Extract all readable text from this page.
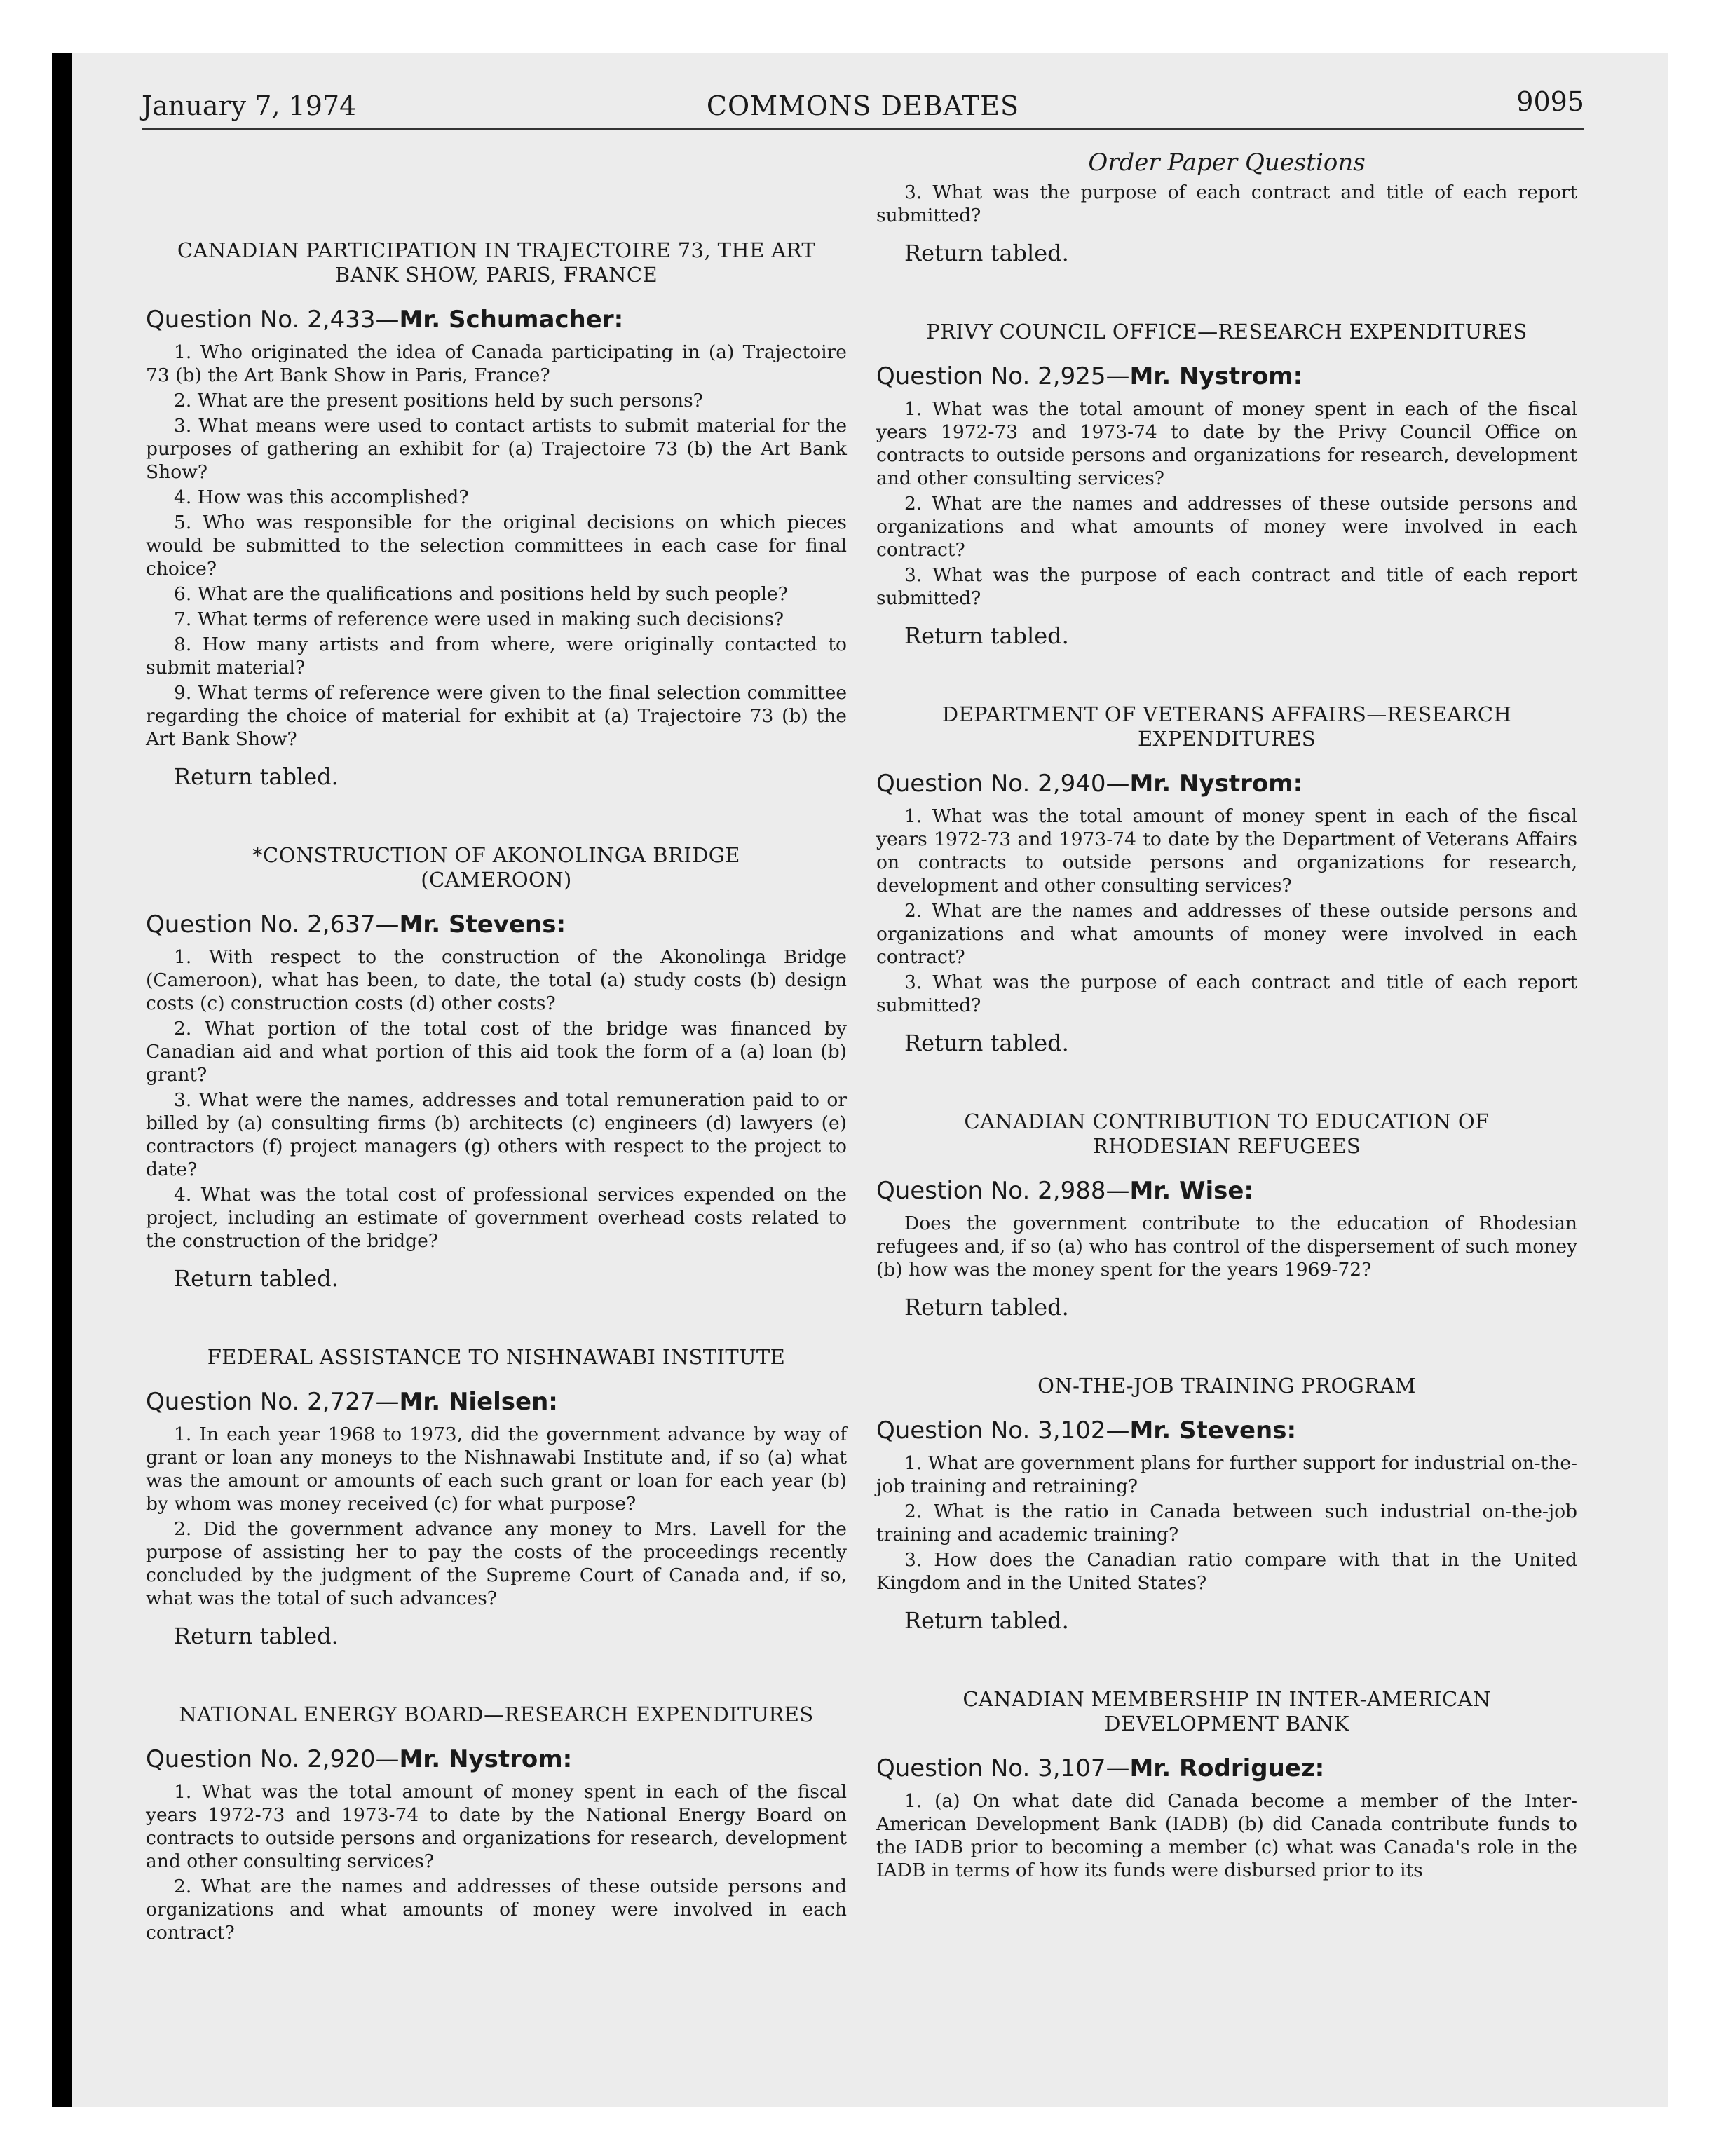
January 7, 1974	COMMONS DEBATES	9095
CANADIAN PARTICIPATION IN TRAJECTOIRE 73, THE ART BANK SHOW, PARIS, FRANCE
Question No. 2,433—Mr. Schumacher:

1. Who originated the idea of Canada participating in (a) Trajectoire 73 (b) the Art Bank Show in Paris, France?

2. What are the present positions held by such persons?

3. What means were used to contact artists to submit material for the purposes of gathering an exhibit for (a) Trajectoire 73 (b) the Art Bank Show?

4. How was this accomplished?

5. Who was responsible for the original decisions on which pieces would be submitted to the selection committees in each case for final choice?

6. What are the qualifications and positions held by such people?

7. What terms of reference were used in making such decisions?

8. How many artists and from where, were originally contacted to submit material?

9. What terms of reference were given to the final selection committee regarding the choice of material for exhibit at (a) Trajectoire 73 (b) the Art Bank Show?

Return tabled.
*CONSTRUCTION OF AKONOLINGA BRIDGE (CAMEROON)
Question No. 2,637—Mr. Stevens:

1. With respect to the construction of the Akonolinga Bridge (Cameroon), what has been, to date, the total (a) study costs (b) design costs (c) construction costs (d) other costs?

2. What portion of the total cost of the bridge was financed by Canadian aid and what portion of this aid took the form of a (a) loan (b) grant?

3. What were the names, addresses and total remuneration paid to or billed by (a) consulting firms (b) architects (c) engineers (d) lawyers (e) contractors (f) project managers (g) others with respect to the project to date?

4. What was the total cost of professional services expended on the project, including an estimate of government overhead costs related to the construction of the bridge?

Return tabled.
FEDERAL ASSISTANCE TO NISHNAWABI INSTITUTE
Question No. 2,727—Mr. Nielsen:

1. In each year 1968 to 1973, did the government advance by way of grant or loan any moneys to the Nishnawabi Institute and, if so (a) what was the amount or amounts of each such grant or loan for each year (b) by whom was money received (c) for what purpose?

2. Did the government advance any money to Mrs. Lavell for the purpose of assisting her to pay the costs of the proceedings recently concluded by the judgment of the Supreme Court of Canada and, if so, what was the total of such advances?

Return tabled.
NATIONAL ENERGY BOARD—RESEARCH EXPENDITURES
Question No. 2,920—Mr. Nystrom:

1. What was the total amount of money spent in each of the fiscal years 1972-73 and 1973-74 to date by the National Energy Board on contracts to outside persons and organizations for research, development and other consulting services?

2. What are the names and addresses of these outside persons and organizations and what amounts of money were involved in each contract?

Order Paper Questions

3. What was the purpose of each contract and title of each report submitted?

Return tabled.
PRIVY COUNCIL OFFICE—RESEARCH EXPENDITURES
Question No. 2,925—Mr. Nystrom:

1. What was the total amount of money spent in each of the fiscal years 1972-73 and 1973-74 to date by the Privy Council Office on contracts to outside persons and organizations for research, development and other consulting services?

2. What are the names and addresses of these outside persons and organizations and what amounts of money were involved in each contract?

3. What was the purpose of each contract and title of each report submitted?

Return tabled.
DEPARTMENT OF VETERANS AFFAIRS—RESEARCH EXPENDITURES
Question No. 2,940—Mr. Nystrom:

1. What was the total amount of money spent in each of the fiscal years 1972-73 and 1973-74 to date by the Department of Veterans Affairs on contracts to outside persons and organizations for research, development and other consulting services?

2. What are the names and addresses of these outside persons and organizations and what amounts of money were involved in each contract?

3. What was the purpose of each contract and title of each report submitted?

Return tabled.
CANADIAN CONTRIBUTION TO EDUCATION OF RHODESIAN REFUGEES
Question No. 2,988—Mr. Wise:

Does the government contribute to the education of Rhodesian refugees and, if so (a) who has control of the dispersement of such money (b) how was the money spent for the years 1969-72?

Return tabled.
ON-THE-JOB TRAINING PROGRAM
Question No. 3,102—Mr. Stevens:

1. What are government plans for further support for industrial on-the-job training and retraining?

2. What is the ratio in Canada between such industrial on-the-job training and academic training?

3. How does the Canadian ratio compare with that in the United Kingdom and in the United States?

Return tabled.
CANADIAN MEMBERSHIP IN INTER-AMERICAN DEVELOPMENT BANK
Question No. 3,107—Mr. Rodriguez:

1. (a) On what date did Canada become a member of the Inter-American Development Bank (IADB) (b) did Canada contribute funds to the IADB prior to becoming a member (c) what was Canada's role in the IADB in terms of how its funds were disbursed prior to its
